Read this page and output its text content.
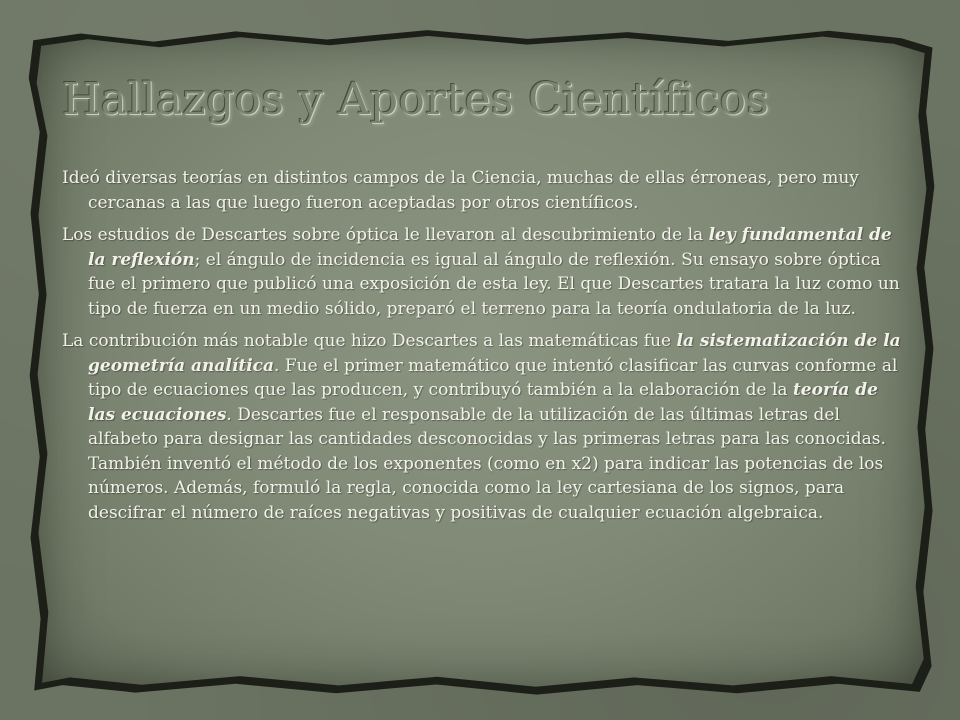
Hallazgos y Aportes Científicos

Ideó diversas teorías en distintos campos de la Ciencia, muchas de ellas érroneas, pero muy cercanas a las que luego fueron aceptadas por otros científicos.

Los estudios de Descartes sobre óptica le llevaron al descubrimiento de la ley fundamental de la reflexión; el ángulo de incidencia es igual al ángulo de reflexión. Su ensayo sobre óptica fue el primero que publicó una exposición de esta ley. El que Descartes tratara la luz como un tipo de fuerza en un medio sólido, preparó el terreno para la teoría ondulatoria de la luz.

La contribución más notable que hizo Descartes a las matemáticas fue la sistematización de la geometría analítica. Fue el primer matemático que intentó clasificar las curvas conforme al tipo de ecuaciones que las producen, y contribuyó también a la elaboración de la teoría de las ecuaciones. Descartes fue el responsable de la utilización de las últimas letras del alfabeto para designar las cantidades desconocidas y las primeras letras para las conocidas. También inventó el método de los exponentes (como en x2) para indicar las potencias de los números. Además, formuló la regla, conocida como la ley cartesiana de los signos, para descifrar el número de raíces negativas y positivas de cualquier ecuación algebraica.
